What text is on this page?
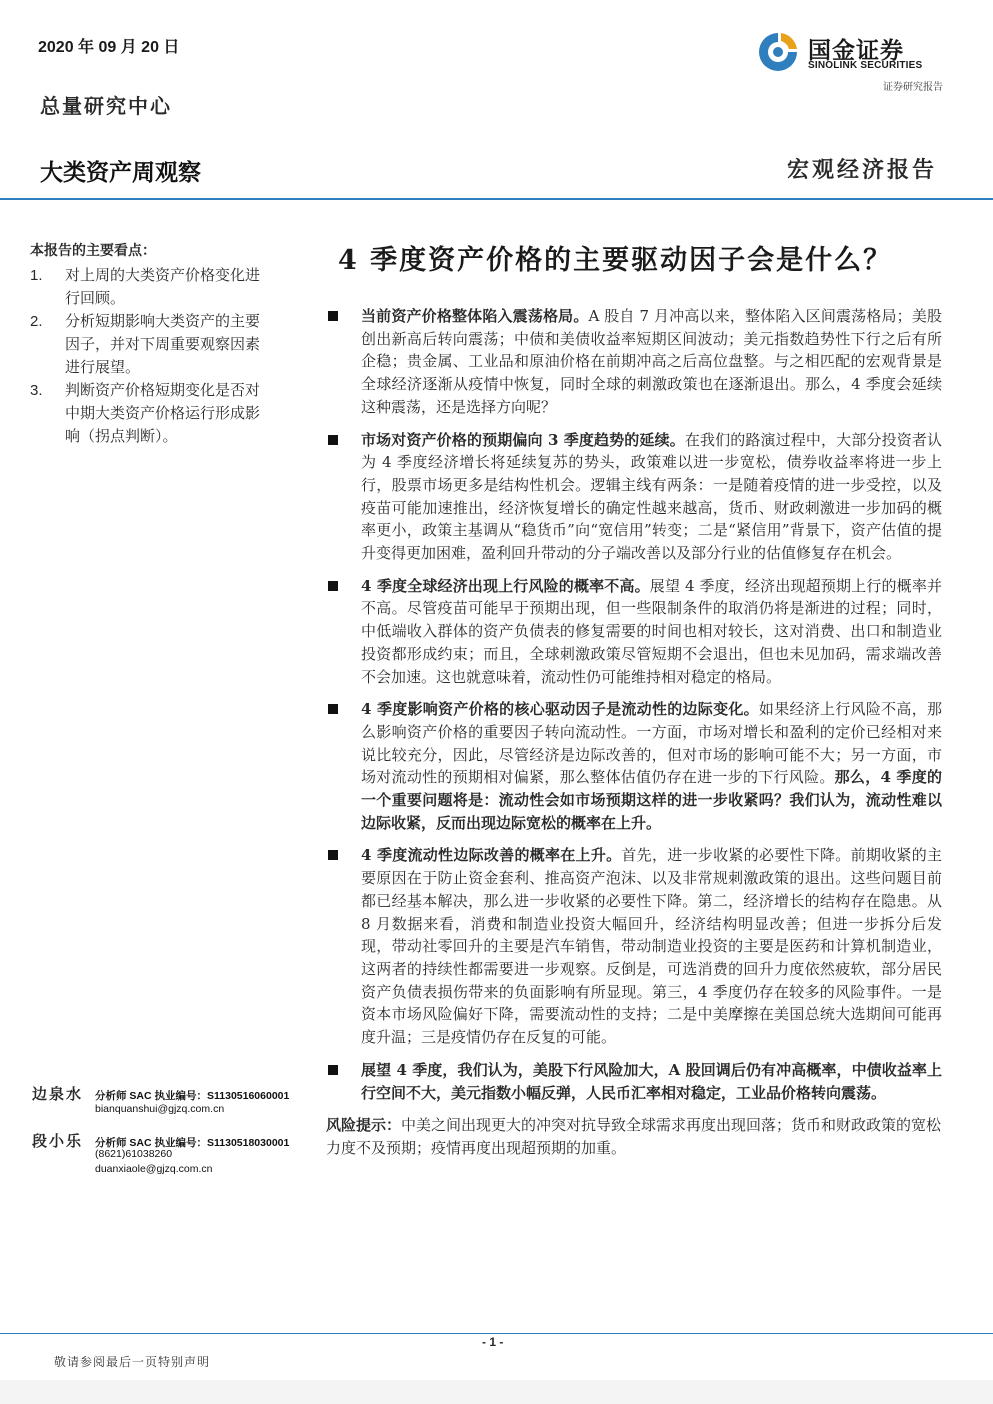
2020 年 09 月 20 日
总量研究中心
大类资产周观察	宏观经济报告
国金证券
SINOLINK SECURITIES
证券研究报告
本报告的主要看点：
1. 对上周的大类资产价格变化进行回顾。
2. 分析短期影响大类资产的主要因子，并对下周重要观察因素进行展望。
3. 判断资产价格短期变化是否对中期大类资产价格运行形成影响（拐点判断）。
边泉水 分析师 SAC 执业编号：S1130516060001
bianquanshui@gjzq.com.cn
段小乐 分析师 SAC 执业编号：S1130518030001
(8621)61038260
duanxiaole@gjzq.com.cn
4 季度资产价格的主要驱动因子会是什么？
当前资产价格整体陷入震荡格局。A 股自 7 月冲高以来，整体陷入区间震荡格局；美股创出新高后转向震荡；中债和美债收益率短期区间波动；美元指数趋势性下行之后有所企稳；贵金属、工业品和原油价格在前期冲高之后高位盘整。与之相匹配的宏观背景是全球经济逐渐从疫情中恢复，同时全球的刺激政策也在逐渐退出。那么，4 季度会延续这种震荡，还是选择方向呢？
市场对资产价格的预期偏向 3 季度趋势的延续。在我们的路演过程中，大部分投资者认为 4 季度经济增长将延续复苏的势头，政策难以进一步宽松，债券收益率将进一步上行，股票市场更多是结构性机会。逻辑主线有两条：一是随着疫情的进一步受控，以及疫苗可能加速推出，经济恢复增长的确定性越来越高，货币、财政刺激进一步加码的概率更小，政策主基调从“稳货币”向“宽信用”转变；二是“紧信用”背景下，资产估值的提升变得更加困难，盈利回升带动的分子端改善以及部分行业的估值修复存在机会。
4 季度全球经济出现上行风险的概率不高。展望 4 季度，经济出现超预期上行的概率并不高。尽管疫苗可能早于预期出现，但一些限制条件的取消仍将是渐进的过程；同时，中低端收入群体的资产负债表的修复需要的时间也相对较长，这对消费、出口和制造业投资都形成约束；而且，全球刺激政策尽管短期不会退出，但也未见加码，需求端改善不会加速。这也就意味着，流动性仍可能维持相对稳定的格局。
4 季度影响资产价格的核心驱动因子是流动性的边际变化。如果经济上行风险不高，那么影响资产价格的重要因子转向流动性。一方面，市场对增长和盈利的定价已经相对来说比较充分，因此，尽管经济是边际改善的，但对市场的影响可能不大；另一方面，市场对流动性的预期相对偏紧，那么整体估值仍存在进一步的下行风险。那么，4 季度的一个重要问题将是：流动性会如市场预期这样的进一步收紧吗？我们认为，流动性难以边际收紧，反而出现边际宽松的概率在上升。
4 季度流动性边际改善的概率在上升。首先，进一步收紧的必要性下降。前期收紧的主要原因在于防止资金套利、推高资产泡沫、以及非常规刺激政策的退出。这些问题目前都已经基本解决，那么进一步收紧的必要性下降。第二，经济增长的结构存在隐患。从 8 月数据来看，消费和制造业投资大幅回升，经济结构明显改善；但进一步拆分后发现，带动社零回升的主要是汽车销售，带动制造业投资的主要是医药和计算机制造业，这两者的持续性都需要进一步观察。反倒是，可选消费的回升力度依然疲软，部分居民资产负债表损伤带来的负面影响有所显现。第三，4 季度仍存在较多的风险事件。一是资本市场风险偏好下降，需要流动性的支持；二是中美摩擦在美国总统大选期间可能再度升温；三是疫情仍存在反复的可能。
展望 4 季度，我们认为，美股下行风险加大，A 股回调后仍有冲高概率，中债收益率上行空间不大，美元指数小幅反弹，人民币汇率相对稳定，工业品价格转向震荡。
风险提示：中美之间出现更大的冲突对抗导致全球需求再度出现回落；货币和财政政策的宽松力度不及预期；疫情再度出现超预期的加重。
- 1 -
敬请参阅最后一页特别声明
